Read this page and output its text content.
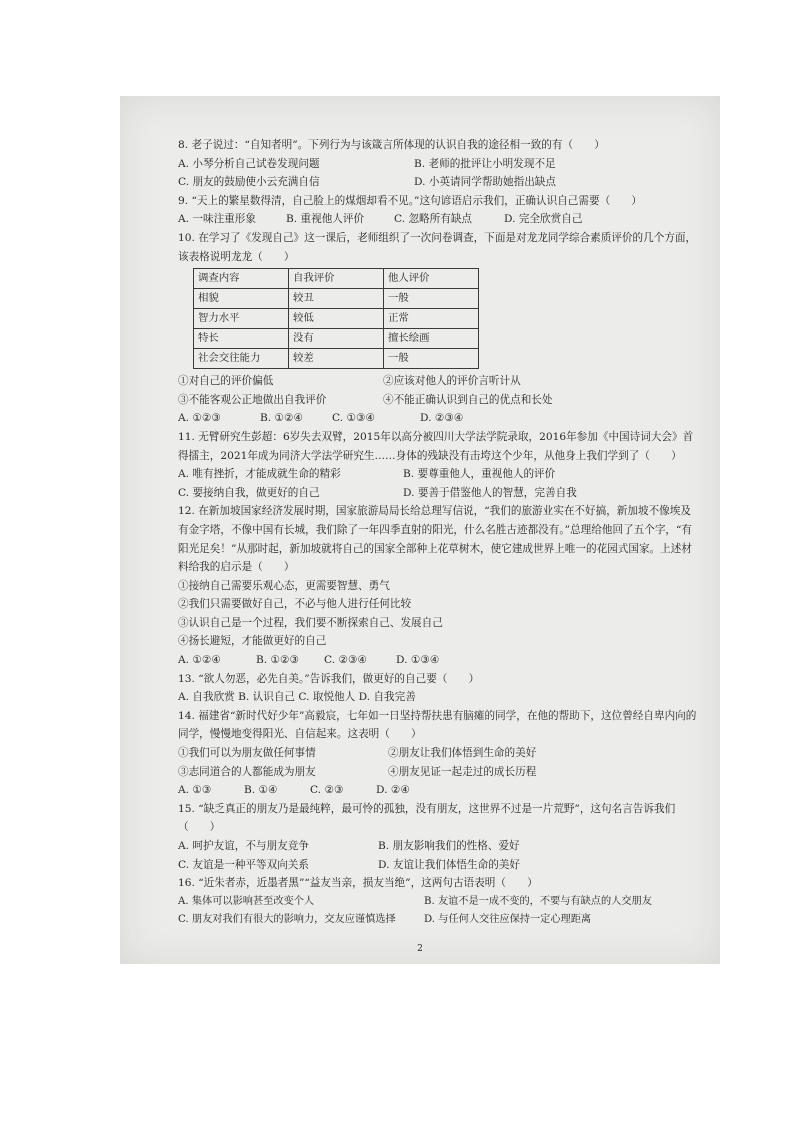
8. 老子说过：“自知者明”。下列行为与该箴言所体现的认识自我的途径相一致的有（　　）
A. 小琴分析自己试卷发现问题	B. 老师的批评让小明发现不足
C. 朋友的鼓励使小云充满自信	D. 小英请同学帮助她指出缺点
9. “天上的繁星数得清，自己脸上的煤烟却看不见。”这句谚语启示我们，正确认识自己需要（　　）
A. 一味注重形象	B. 重视他人评价	C. 忽略所有缺点	D. 完全欣赏自己
10. 在学习了《发现自己》这一课后，老师组织了一次问卷调查，下面是对龙龙同学综合素质评价的几个方面，该表格说明龙龙（　　）
调查内容	自我评价	他人评价
相貌	较丑	一般
智力水平	较低	正常
特长	没有	擅长绘画
社会交往能力	较差	一般
①对自己的评价偏低	②应该对他人的评价言听计从
③不能客观公正地做出自我评价	④不能正确认识到自己的优点和长处
A. ①②③	B. ①②④	C. ①③④	D. ②③④
11. 无臂研究生彭超：6岁失去双臂，2015年以高分被四川大学法学院录取，2016年参加《中国诗词大会》首得擂主，2021年成为同济大学法学研究生……身体的残缺没有击垮这个少年，从他身上我们学到了（　　）
A. 唯有挫折，才能成就生命的精彩	B. 要尊重他人，重视他人的评价
C. 要接纳自我，做更好的自己	D. 要善于借鉴他人的智慧，完善自我
12. 在新加坡国家经济发展时期，国家旅游局局长给总理写信说，“我们的旅游业实在不好搞，新加坡不像埃及有金字塔，不像中国有长城，我们除了一年四季直射的阳光，什么名胜古迹都没有。”总理给他回了五个字，“有阳光足矣！”从那时起，新加坡就将自己的国家全部种上花草树木，使它建成世界上唯一的花园式国家。上述材料给我的启示是（　　）
①接纳自己需要乐观心态，更需要智慧、勇气
②我们只需要做好自己，不必与他人进行任何比较
③认识自己是一个过程，我们要不断探索自己、发展自己
④扬长避短，才能做更好的自己
A. ①②④	B. ①②③	C. ②③④	D. ①③④
13. “欲人勿恶，必先自美。”告诉我们，做更好的自己要（　　）
A. 自我欣赏 B. 认识自己 C. 取悦他人 D. 自我完善
14. 福建省“新时代好少年”高毅宸，七年如一日坚持帮扶患有脑瘫的同学，在他的帮助下，这位曾经自卑内向的同学，慢慢地变得阳光、自信起来。这表明（　　）
①我们可以为朋友做任何事情	②朋友让我们体悟到生命的美好
③志同道合的人都能成为朋友	④朋友见证一起走过的成长历程
A. ①③	B. ①④	C. ②③	D. ②④
15. “缺乏真正的朋友乃是最纯粹，最可怜的孤独，没有朋友，这世界不过是一片荒野”，这句名言告诉我们（　　）
A. 呵护友谊，不与朋友竞争	B. 朋友影响我们的性格、爱好
C. 友谊是一种平等双向关系	D. 友谊让我们体悟生命的美好
16. “近朱者赤，近墨者黑”“益友当亲，损友当绝”，这两句古语表明（　　）
A. 集体可以影响甚至改变个人	B. 友谊不是一成不变的，不要与有缺点的人交朋友
C. 朋友对我们有很大的影响力，交友应谨慎选择	D. 与任何人交往应保持一定心理距离
2
